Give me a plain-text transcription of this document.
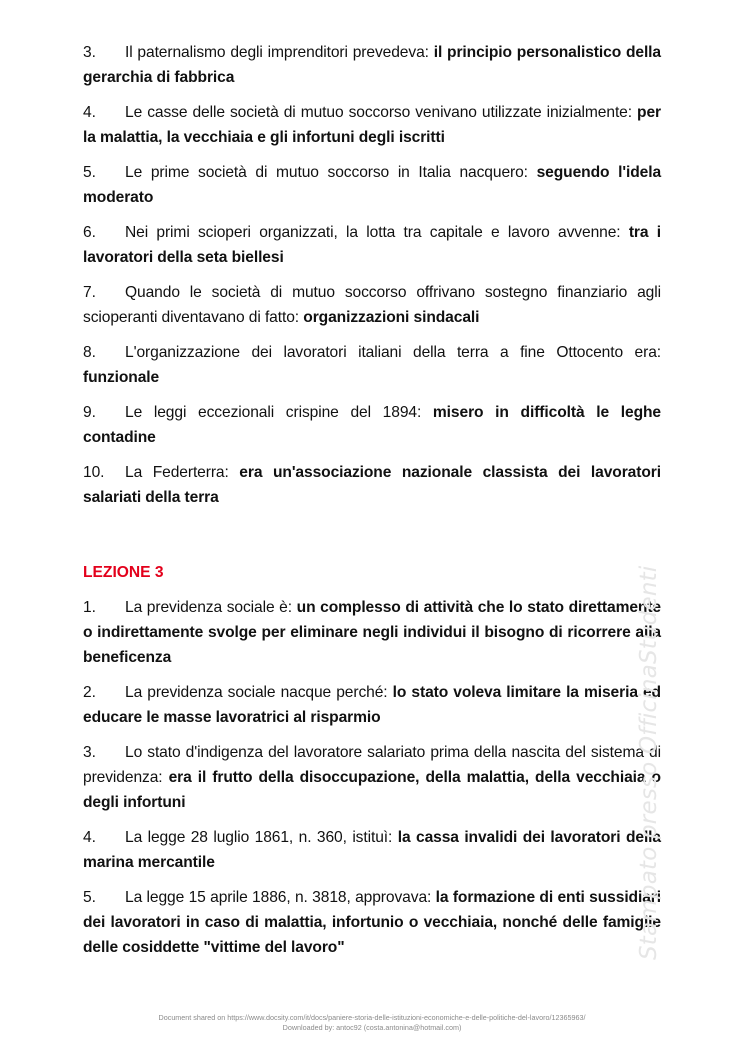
3. Il paternalismo degli imprenditori prevedeva: il principio personalistico della gerarchia di fabbrica

4. Le casse delle società di mutuo soccorso venivano utilizzate inizialmente: per la malattia, la vecchiaia e gli infortuni degli iscritti

5. Le prime società di mutuo soccorso in Italia nacquero: seguendo l'idela moderato

6. Nei primi scioperi organizzati, la lotta tra capitale e lavoro avvenne: tra i lavoratori della seta biellesi

7. Quando le società di mutuo soccorso offrivano sostegno finanziario agli scioperanti diventavano di fatto: organizzazioni sindacali

8. L'organizzazione dei lavoratori italiani della terra a fine Ottocento era: funzionale

9. Le leggi eccezionali crispine del 1894: misero in difficoltà le leghe contadine

10. La Federterra: era un'associazione nazionale classista dei lavoratori salariati della terra

LEZIONE 3

1. La previdenza sociale è: un complesso di attività che lo stato direttamente o indirettamente svolge per eliminare negli individui il bisogno di ricorrere alla beneficenza

2. La previdenza sociale nacque perché: lo stato voleva limitare la miseria ed educare le masse lavoratrici al risparmio

3. Lo stato d'indigenza del lavoratore salariato prima della nascita del sistema di previdenza: era il frutto della disoccupazione, della malattia, della vecchiaia o degli infortuni

4. La legge 28 luglio 1861, n. 360, istituì: la cassa invalidi dei lavoratori della marina mercantile

5. La legge 15 aprile 1886, n. 3818, approvava: la formazione di enti sussidiari dei lavoratori in caso di malattia, infortunio o vecchiaia, nonché delle famiglie delle cosiddette "vittime del lavoro"	Stampato presso OfficinaStudenti
Document shared on https://www.docsity.com/it/docs/paniere-storia-delle-istituzioni-economiche-e-delle-politiche-del-lavoro/12365963/
Downloaded by: antoc92 (costa.antonina@hotmail.com)
